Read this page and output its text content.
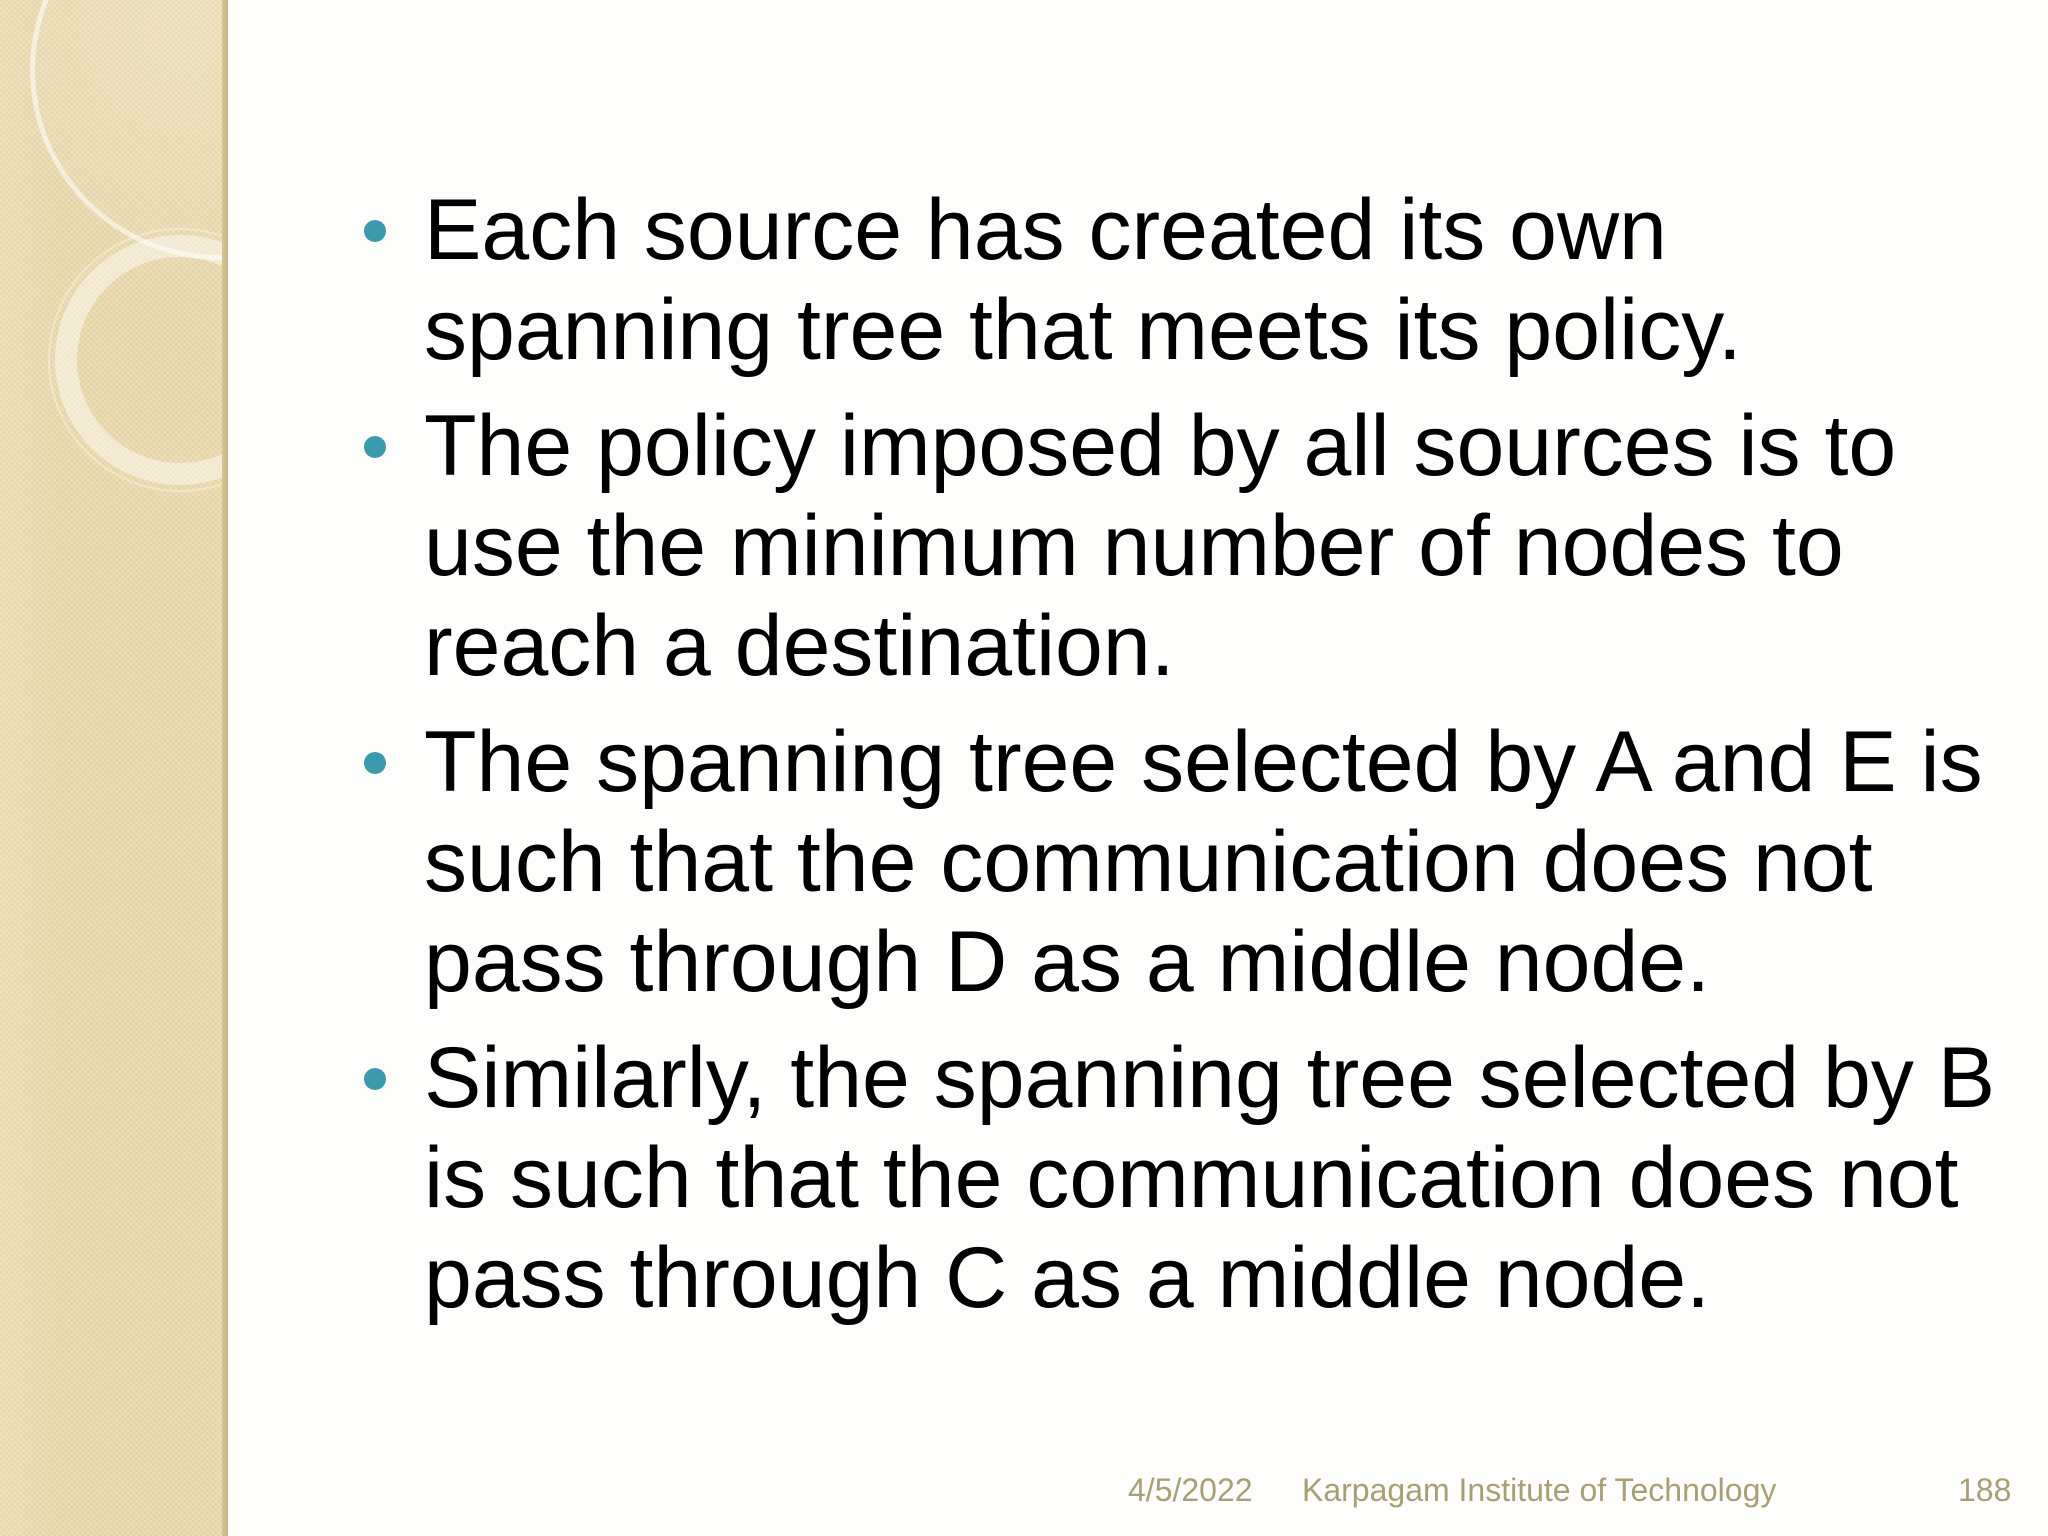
Each source has created its own spanning tree that meets its policy.
The policy imposed by all sources is to use the minimum number of nodes to reach a destination.
The spanning tree selected by A and E is such that the communication does not pass through D as a middle node.
Similarly, the spanning tree selected by B is such that the communication does not pass through C as a middle node.
4/5/2022 Karpagam Institute of Technology	188
